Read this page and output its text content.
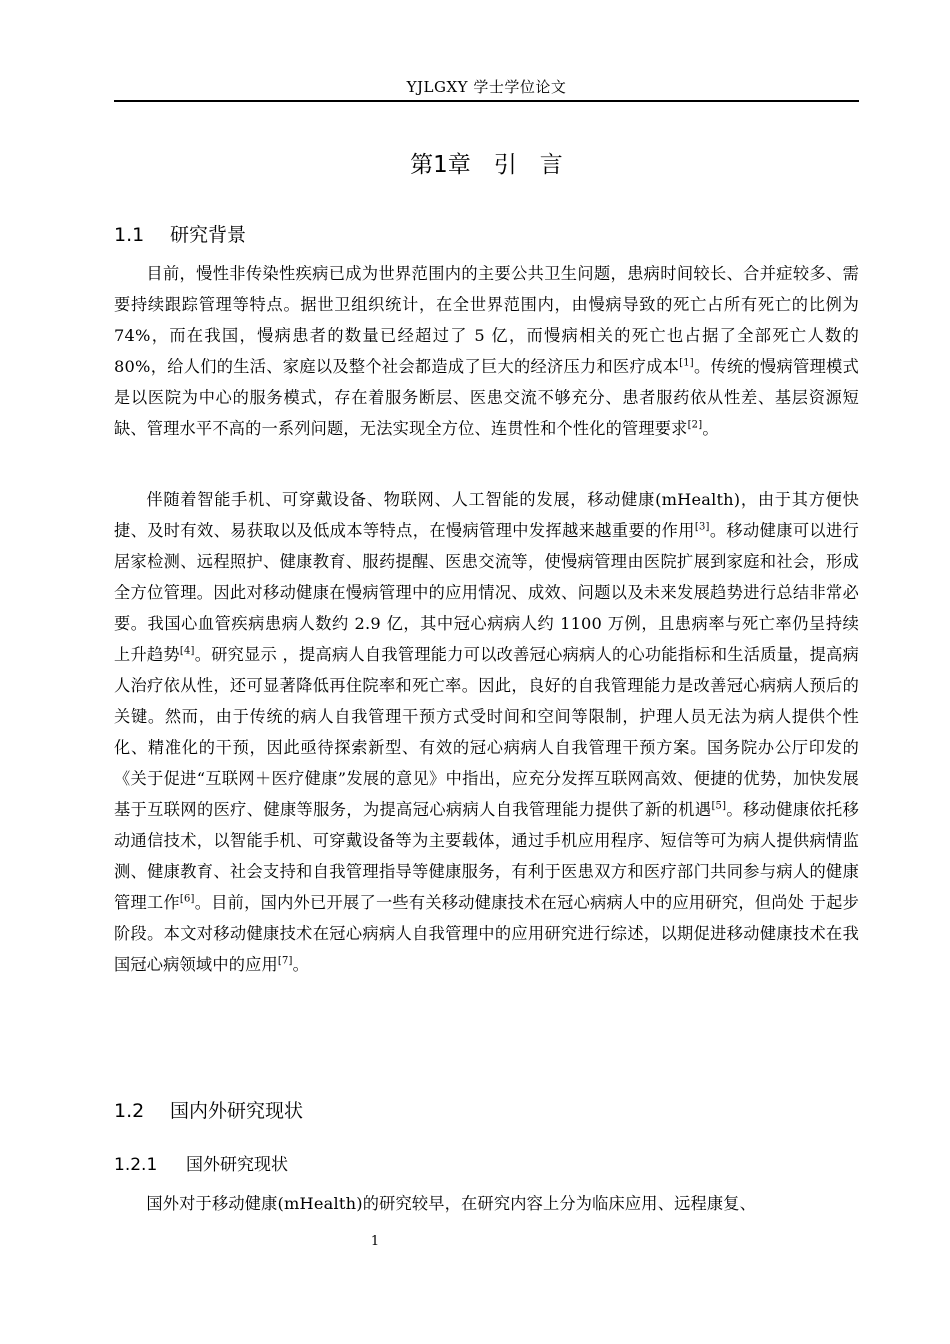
YJLGXY 学士学位论文
第1章　引　言
1.1 研究背景

目前，慢性非传染性疾病已成为世界范围内的主要公共卫生问题，患病时间较长、合并症较多、需要持续跟踪管理等特点。据世卫组织统计，在全世界范围内，由慢病导致的死亡占所有死亡的比例为 74%，而在我国，慢病患者的数量已经超过了 5 亿，而慢病相关的死亡也占据了全部死亡人数的 80%，给人们的生活、家庭以及整个社会都造成了巨大的经济压力和医疗成本[1]。传统的慢病管理模式是以医院为中心的服务模式，存在着服务断层、医患交流不够充分、患者服药依从性差、基层资源短缺、管理水平不高的一系列问题，无法实现全方位、连贯性和个性化的管理要求[2]。

伴随着智能手机、可穿戴设备、物联网、人工智能的发展，移动健康(mHealth)，由于其方便快捷、及时有效、易获取以及低成本等特点，在慢病管理中发挥越来越重要的作用[3]。移动健康可以进行居家检测、远程照护、健康教育、服药提醒、医患交流等，使慢病管理由医院扩展到家庭和社会，形成全方位管理。因此对移动健康在慢病管理中的应用情况、成效、问题以及未来发展趋势进行总结非常必要。我国心血管疾病患病人数约 2.9 亿，其中冠心病病人约 1100 万例，且患病率与死亡率仍呈持续上升趋势[4]。研究显示 ，提高病人自我管理能力可以改善冠心病病人的心功能指标和生活质量，提高病人治疗依从性，还可显著降低再住院率和死亡率。因此，良好的自我管理能力是改善冠心病病人预后的关键。然而，由于传统的病人自我管理干预方式受时间和空间等限制，护理人员无法为病人提供个性化、精准化的干预，因此亟待探索新型、有效的冠心病病人自我管理干预方案。国务院办公厅印发的《关于促进“互联网＋医疗健康”发展的意见》中指出，应充分发挥互联网高效、便捷的优势，加快发展基于互联网的医疗、健康等服务，为提高冠心病病人自我管理能力提供了新的机遇[5]。移动健康依托移动通信技术，以智能手机、可穿戴设备等为主要载体，通过手机应用程序、短信等可为病人提供病情监测、健康教育、社会支持和自我管理指导等健康服务，有利于医患双方和医疗部门共同参与病人的健康管理工作[6]。目前，国内外已开展了一些有关移动健康技术在冠心病病人中的应用研究，但尚处 于起步阶段。本文对移动健康技术在冠心病病人自我管理中的应用研究进行综述，以期促进移动健康技术在我国冠心病领域中的应用[7]。

1.2 国内外研究现状
1.2.1 国外研究现状

国外对于移动健康(mHealth)的研究较早，在研究内容上分为临床应用、远程康复、

1
